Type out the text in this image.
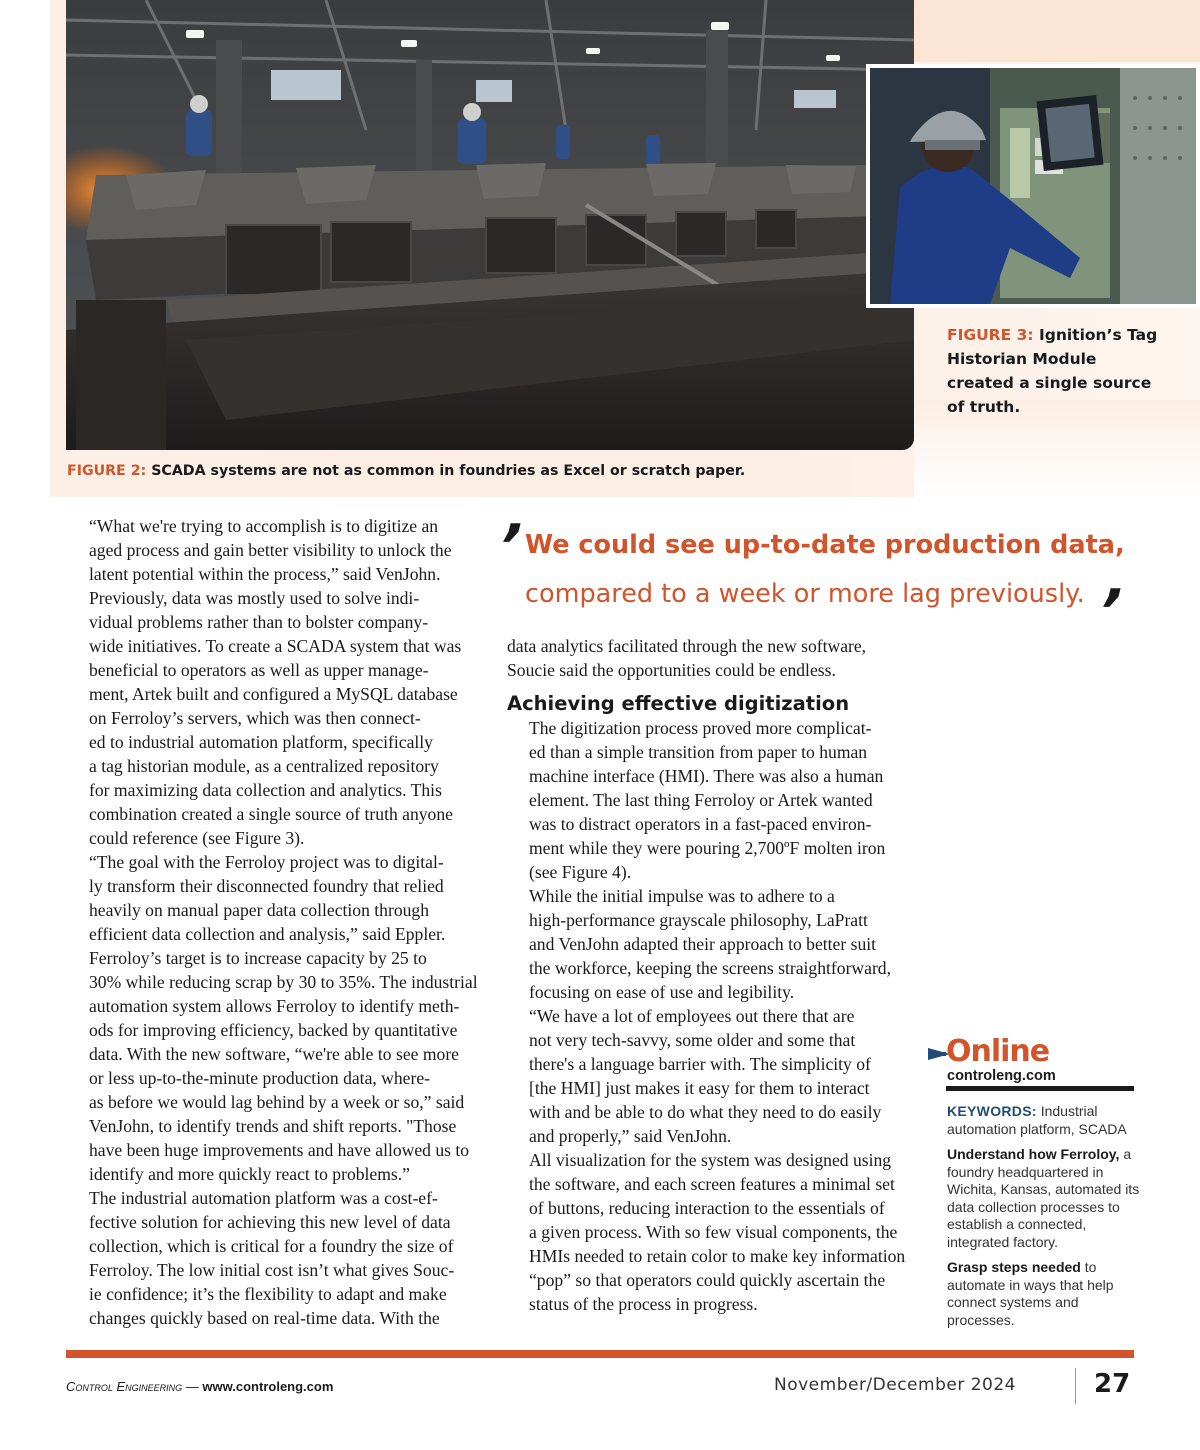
FIGURE 2: SCADA systems are not as common in foundries as Excel or scratch paper.
FIGURE 3: Ignition’s Tag Historian Module created a single source of truth.

“What we're trying to accomplish is to digitize an
aged process and gain better visibility to unlock the
latent potential within the process,” said VenJohn.

Previously, data was mostly used to solve indi-
vidual problems rather than to bolster company-
wide initiatives. To create a SCADA system that was
beneficial to operators as well as upper manage-
ment, Artek built and configured a MySQL database
on Ferroloy’s servers, which was then connect-
ed to industrial automation platform, specifically
a tag historian module, as a centralized repository
for maximizing data collection and analytics. This
combination created a single source of truth anyone
could reference (see Figure 3).

“The goal with the Ferroloy project was to digital-
ly transform their disconnected foundry that relied
heavily on manual paper data collection through
efficient data collection and analysis,” said Eppler.

Ferroloy’s target is to increase capacity by 25 to
30% while reducing scrap by 30 to 35%. The industrial
automation system allows Ferroloy to identify meth-
ods for improving efficiency, backed by quantitative
data. With the new software, “we're able to see more
or less up-to-the-minute production data, where-
as before we would lag behind by a week or so,” said
VenJohn, to identify trends and shift reports. "Those
have been huge improvements and have allowed us to
identify and more quickly react to problems.”

The industrial automation platform was a cost-ef-
fective solution for achieving this new level of data
collection, which is critical for a foundry the size of
Ferroloy. The low initial cost isn’t what gives Souc-
ie confidence; it’s the flexibility to adapt and make
changes quickly based on real-time data. With the

’
We could see up-to-date production data,
compared to a week or more lag previously. ’

data analytics facilitated through the new software,
Soucie said the opportunities could be endless.

Achieving effective digitization

The digitization process proved more complicat-
ed than a simple transition from paper to human
machine interface (HMI). There was also a human
element. The last thing Ferroloy or Artek wanted
was to distract operators in a fast-paced environ-
ment while they were pouring 2,700ºF molten iron
(see Figure 4).

While the initial impulse was to adhere to a
high-performance grayscale philosophy, LaPratt
and VenJohn adapted their approach to better suit
the workforce, keeping the screens straightforward,
focusing on ease of use and legibility.

“We have a lot of employees out there that are
not very tech-savvy, some older and some that
there's a language barrier with. The simplicity of
[the HMI] just makes it easy for them to interact
with and be able to do what they need to do easily
and properly,” said VenJohn.

All visualization for the system was designed using
the software, and each screen features a minimal set
of buttons, reducing interaction to the essentials of
a given process. With so few visual components, the
HMIs needed to retain color to make key information
“pop” so that operators could quickly ascertain the
status of the process in progress.

Online
controleng.com
KEYWORDS: Industrial automation platform, SCADA
Understand how Ferroloy, a foundry headquartered in Wichita, Kansas, automated its data collection processes to establish a connected, integrated factory.
Grasp steps needed to automate in ways that help connect systems and processes.
Control Engineering — www.controleng.com	November/December 2024	27
